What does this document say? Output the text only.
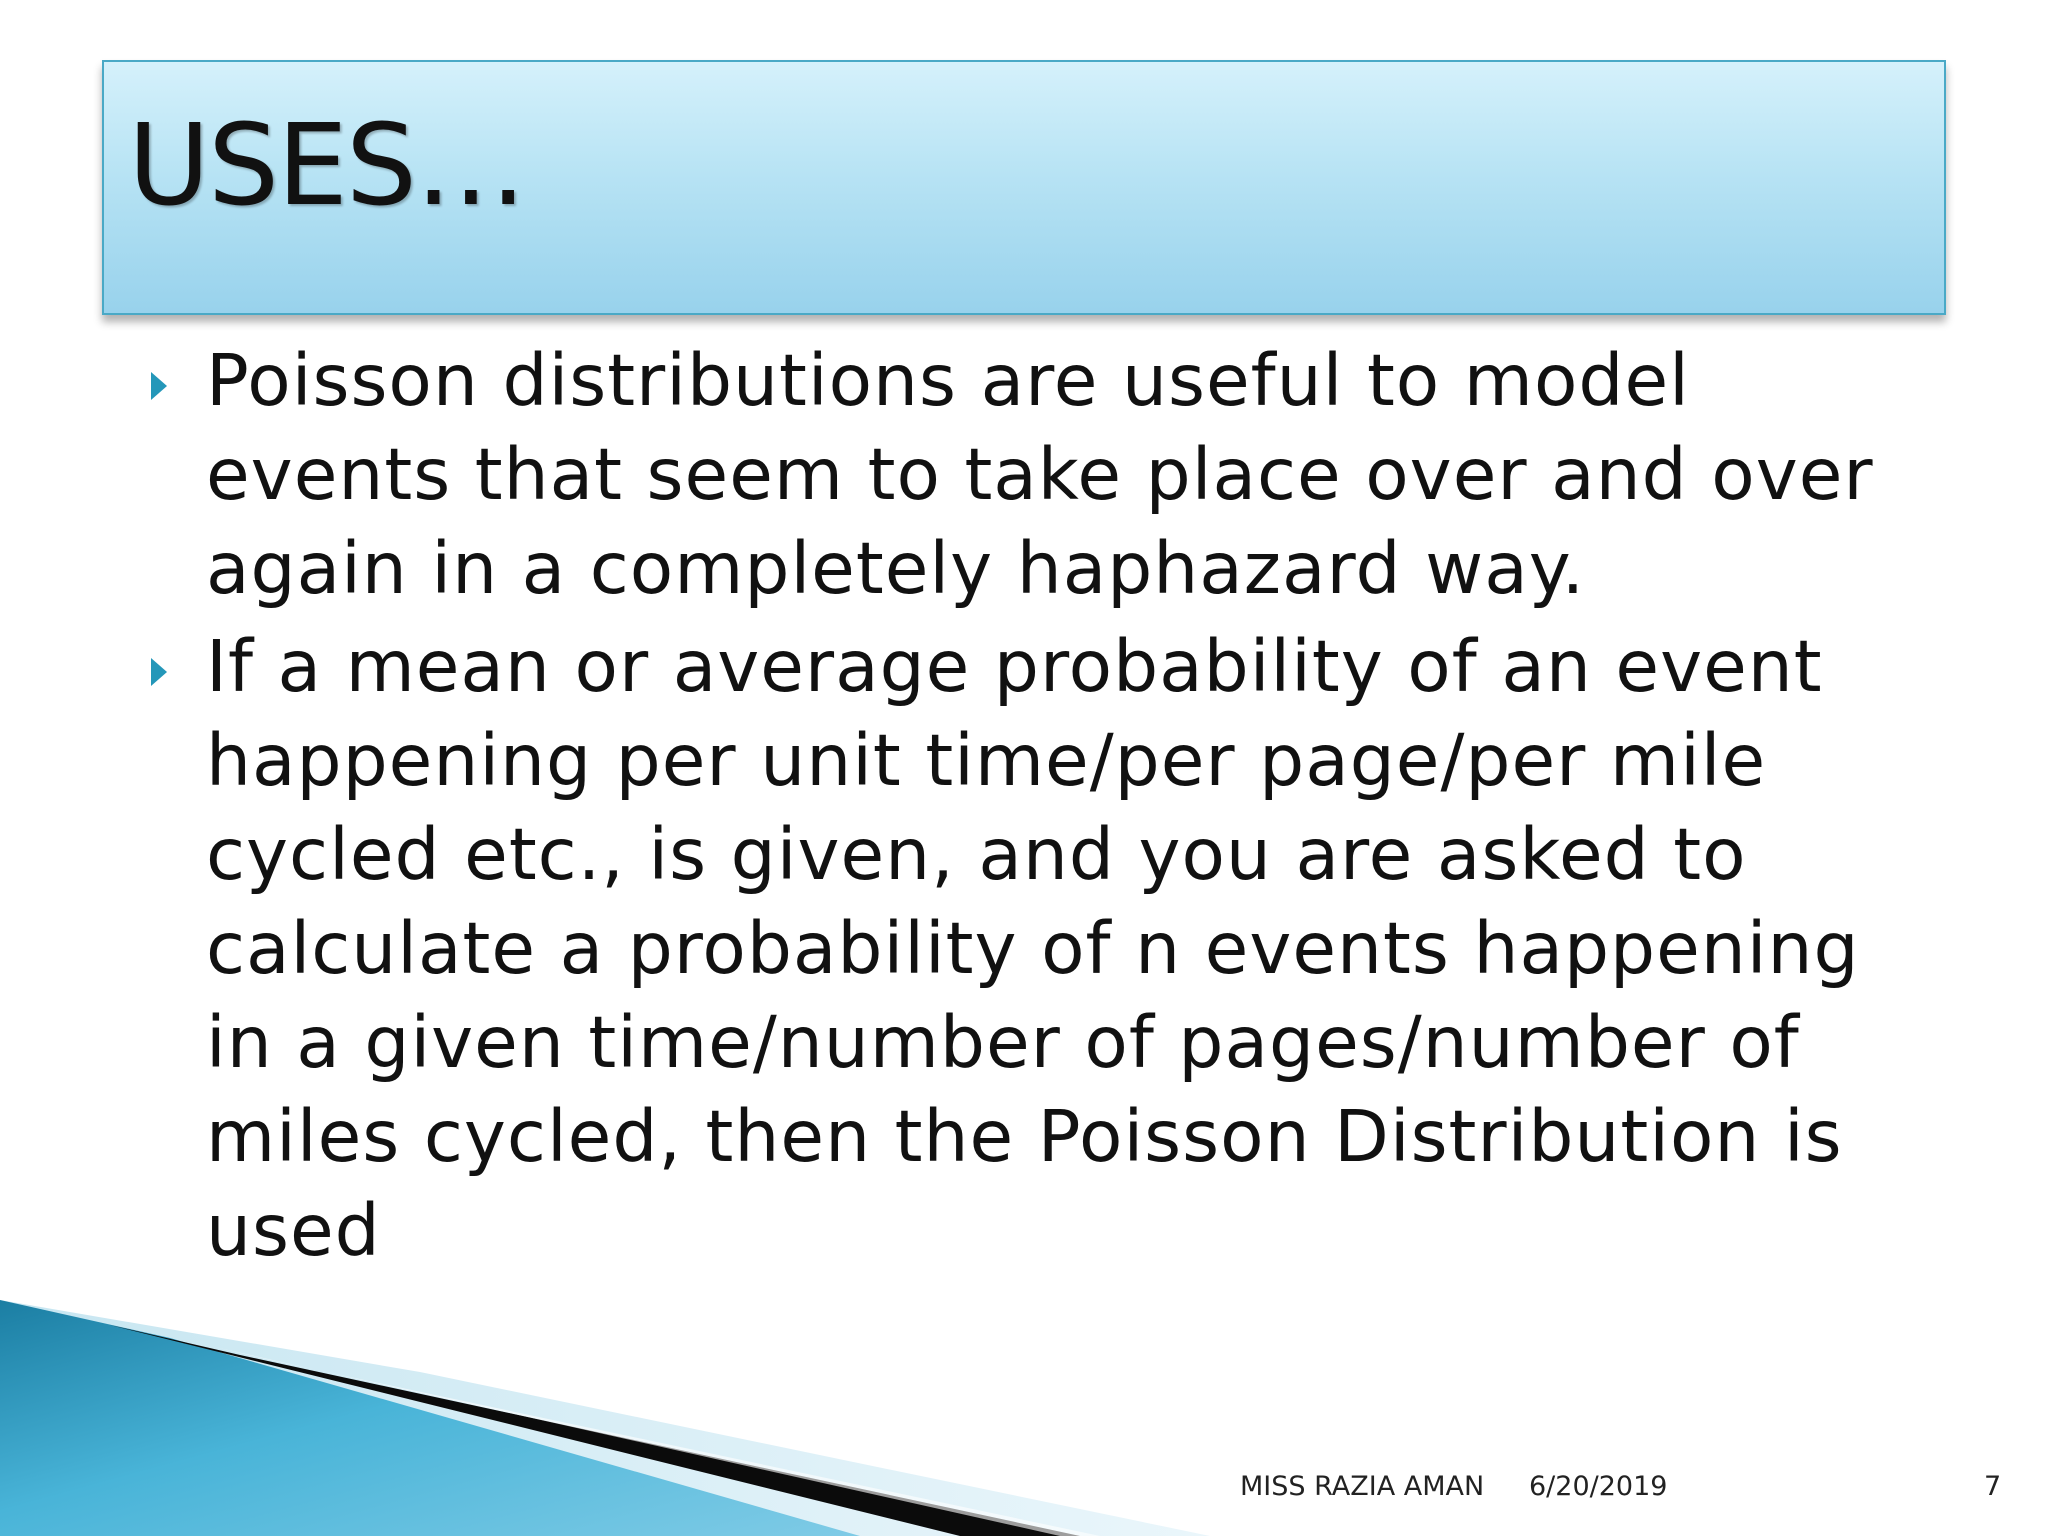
USES…
Poisson distributions are useful to model events that seem to take place over and over again in a completely haphazard way.
If a mean or average probability of an event happening per unit time/per page/per mile cycled etc., is given, and you are asked to calculate a probability of n events happening in a given time/number of pages/number of miles cycled, then the Poisson Distribution is used
MISS RAZIA AMAN 6/20/2019	7
